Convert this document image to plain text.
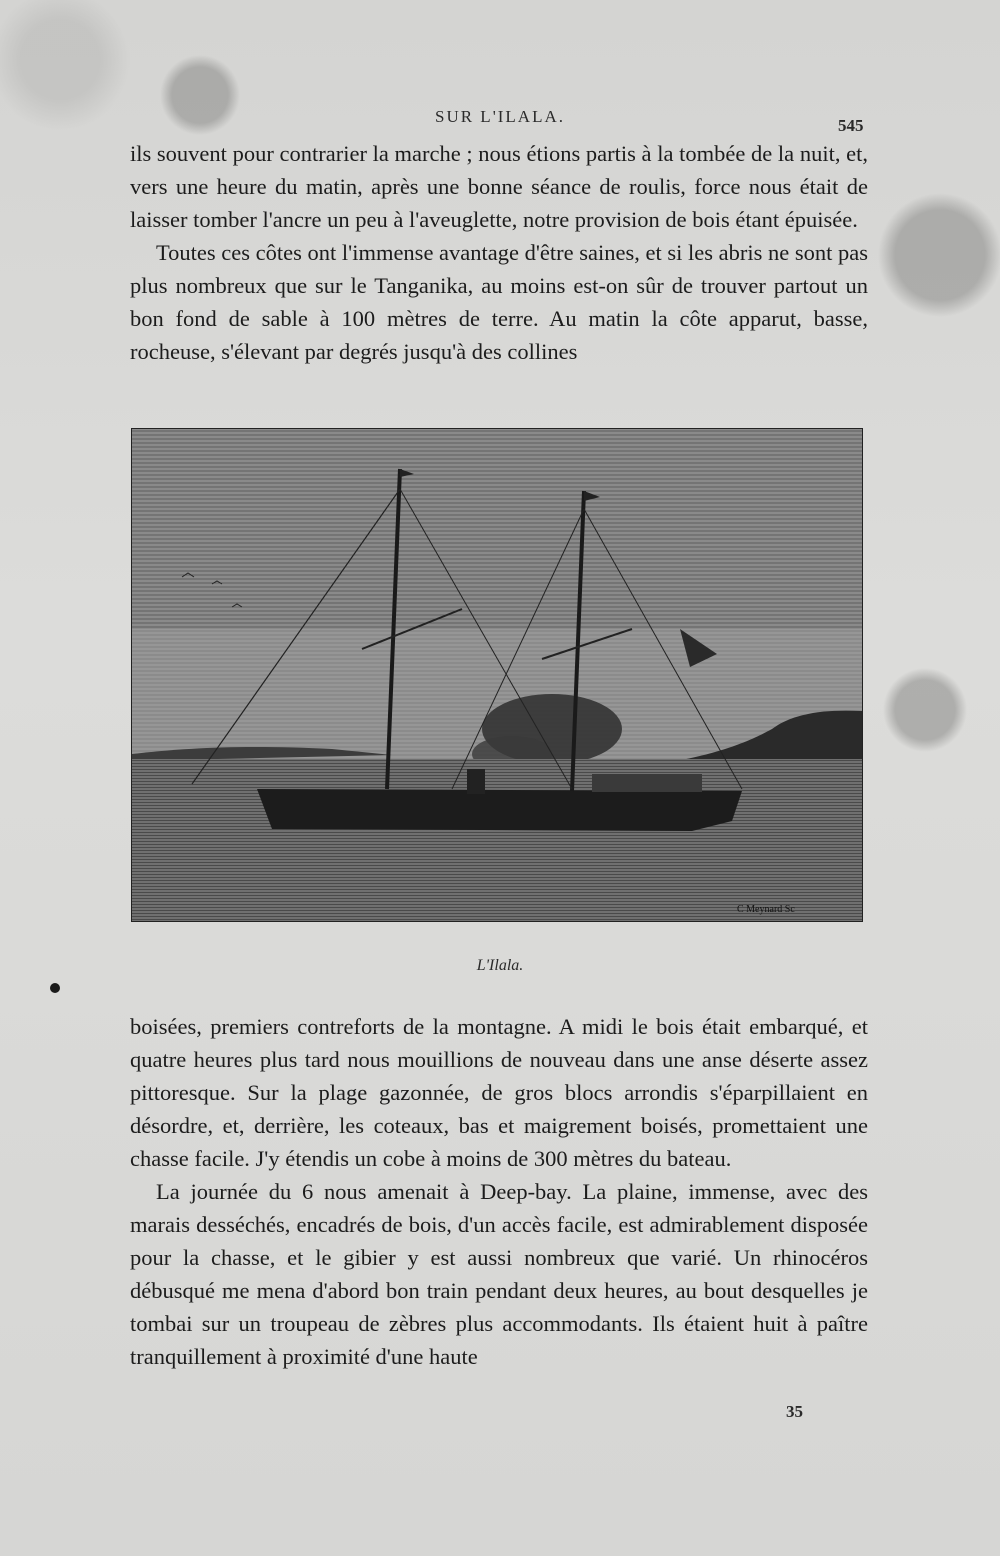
SUR L'ILALA.	545

ils souvent pour contrarier la marche ; nous étions partis à la tombée de la nuit, et, vers une heure du matin, après une bonne séance de roulis, force nous était de laisser tomber l'ancre un peu à l'aveuglette, notre provision de bois étant épuisée.

Toutes ces côtes ont l'immense avantage d'être saines, et si les abris ne sont pas plus nombreux que sur le Tanganika, au moins est-on sûr de trouver partout un bon fond de sable à 100 mètres de terre. Au matin la côte apparut, basse, rocheuse, s'élevant par degrés jusqu'à des collines

C Meynard Sc
L'Ilala.

boisées, premiers contreforts de la montagne. A midi le bois était embarqué, et quatre heures plus tard nous mouillions de nouveau dans une anse déserte assez pittoresque. Sur la plage gazonnée, de gros blocs arrondis s'éparpillaient en désordre, et, derrière, les coteaux, bas et maigrement boisés, promettaient une chasse facile. J'y étendis un cobe à moins de 300 mètres du bateau.

La journée du 6 nous amenait à Deep-bay. La plaine, immense, avec des marais desséchés, encadrés de bois, d'un accès facile, est admirablement disposée pour la chasse, et le gibier y est aussi nombreux que varié. Un rhinocéros débusqué me mena d'abord bon train pendant deux heures, au bout desquelles je tombai sur un troupeau de zèbres plus accommodants. Ils étaient huit à paître tranquillement à proximité d'une haute

35
